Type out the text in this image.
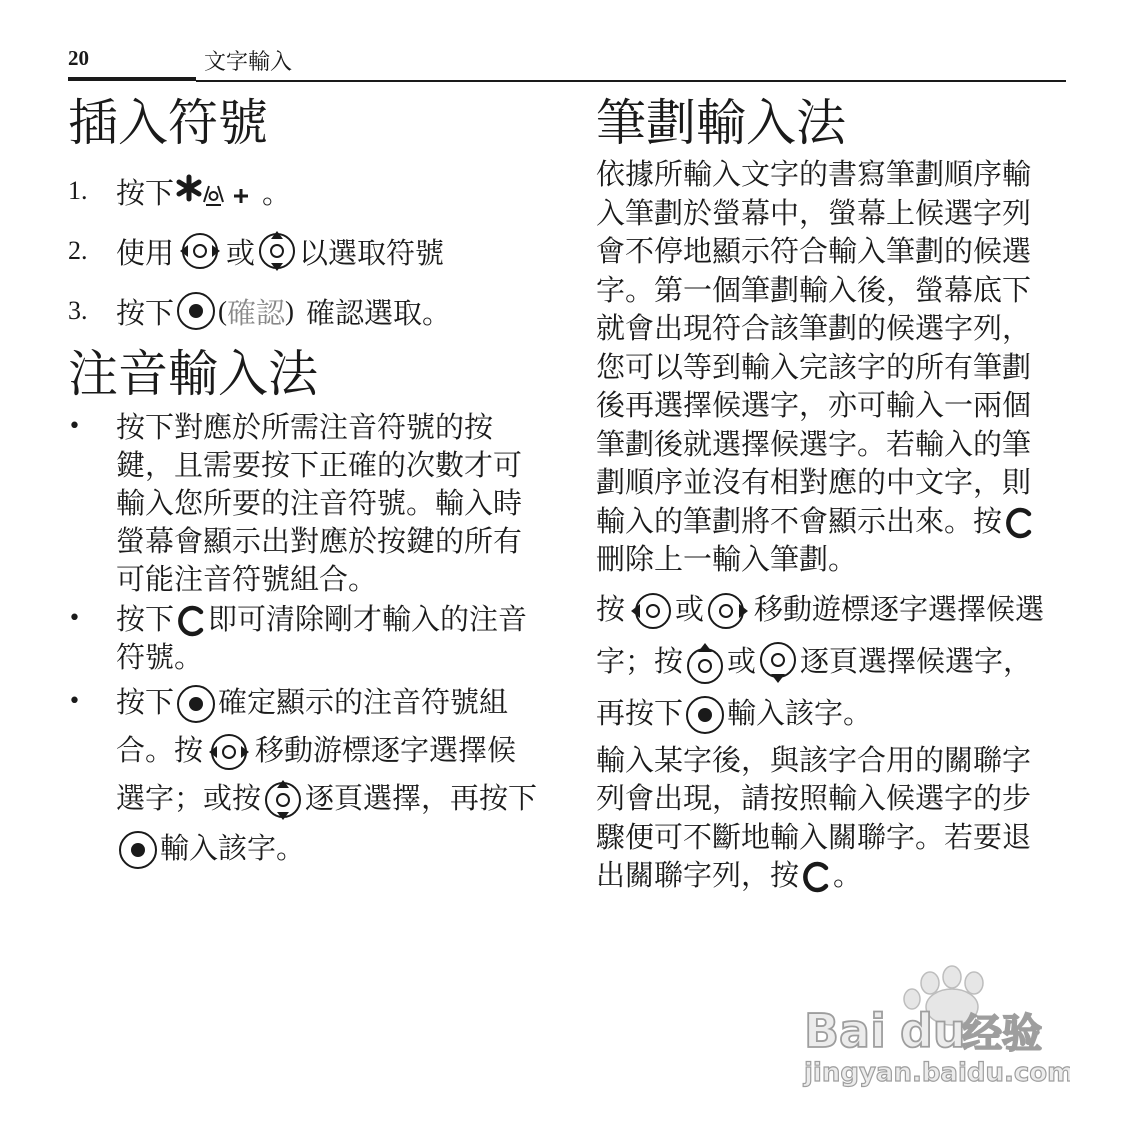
20	文字輸入
插入符號
1. 按下	。
2. 使用 或 以選取符號
3. 按下 ( 確認 ) 確認選取。
注音輸入法
•	按下對應於所需注音符號的按鍵，且需要按下正確的次數才可輸入您所要的注音符號。輸入時螢幕會顯示出對應於按鍵的所有可能注音符號組合。
•	按下 即可清除剛才輸入的注音符號。
•	按下 確定顯示的注音符號組合。按 移動游標逐字選擇候選字；或按 逐頁選擇，再按下
輸入該字。
筆劃輸入法

依據所輸入文字的書寫筆劃順序輸入筆劃於螢幕中，螢幕上候選字列會不停地顯示符合輸入筆劃的候選字。第一個筆劃輸入後，螢幕底下就會出現符合該筆劃的候選字列，您可以等到輸入完該字的所有筆劃後再選擇候選字，亦可輸入一兩個筆劃後就選擇候選字。若輸入的筆劃順序並沒有相對應的中文字，則輸入的筆劃將不會顯示出來。按
刪除上一輸入筆劃。

按 或 移動遊標逐字選擇候選字；按 或 逐頁選擇候選字，再按下 輸入該字。

輸入某字後，與該字合用的關聯字列會出現，請按照輸入候選字的步驟便可不斷地輸入關聯字。若要退出關聯字列，按 。

Bai du
经验
jingyan.baidu.com
